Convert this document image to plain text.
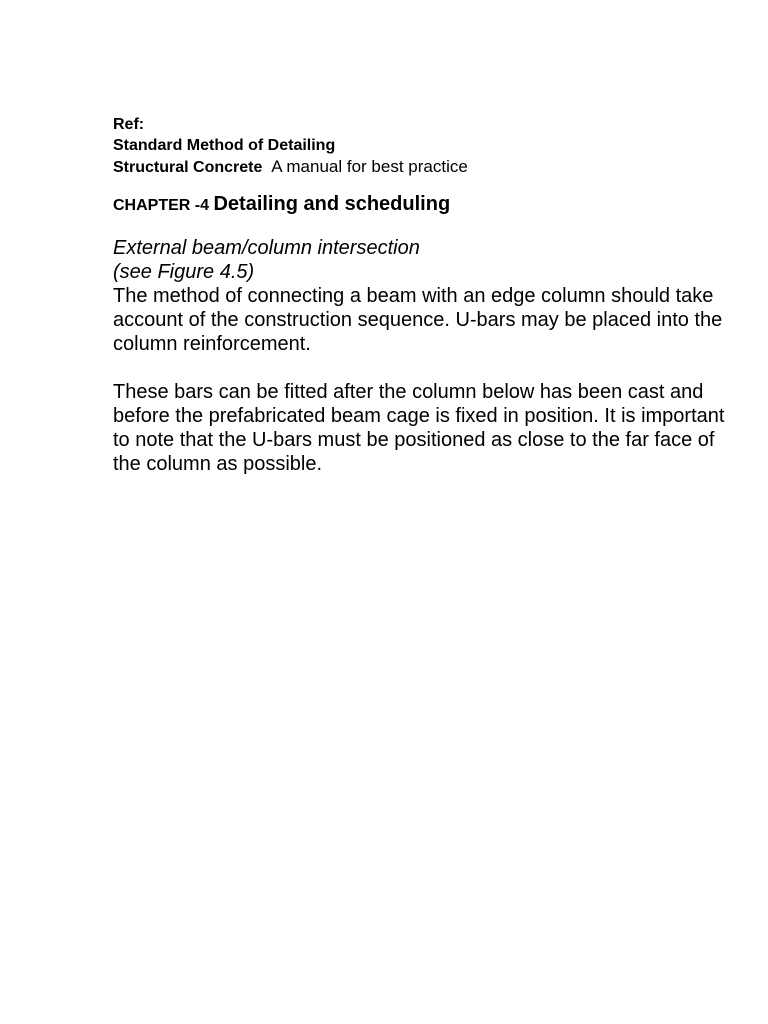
Ref:
Standard Method of Detailing
Structural Concrete A manual for best practice
CHAPTER -4 Detailing and scheduling
External beam/column intersection
(see Figure 4.5)

The method of connecting a beam with an edge column should take account of the construction sequence. U-bars may be placed into the column reinforcement.

These bars can be fitted after the column below has been cast and before the prefabricated beam cage is fixed in position. It is important to note that the U-bars must be positioned as close to the far face of the column as possible.
